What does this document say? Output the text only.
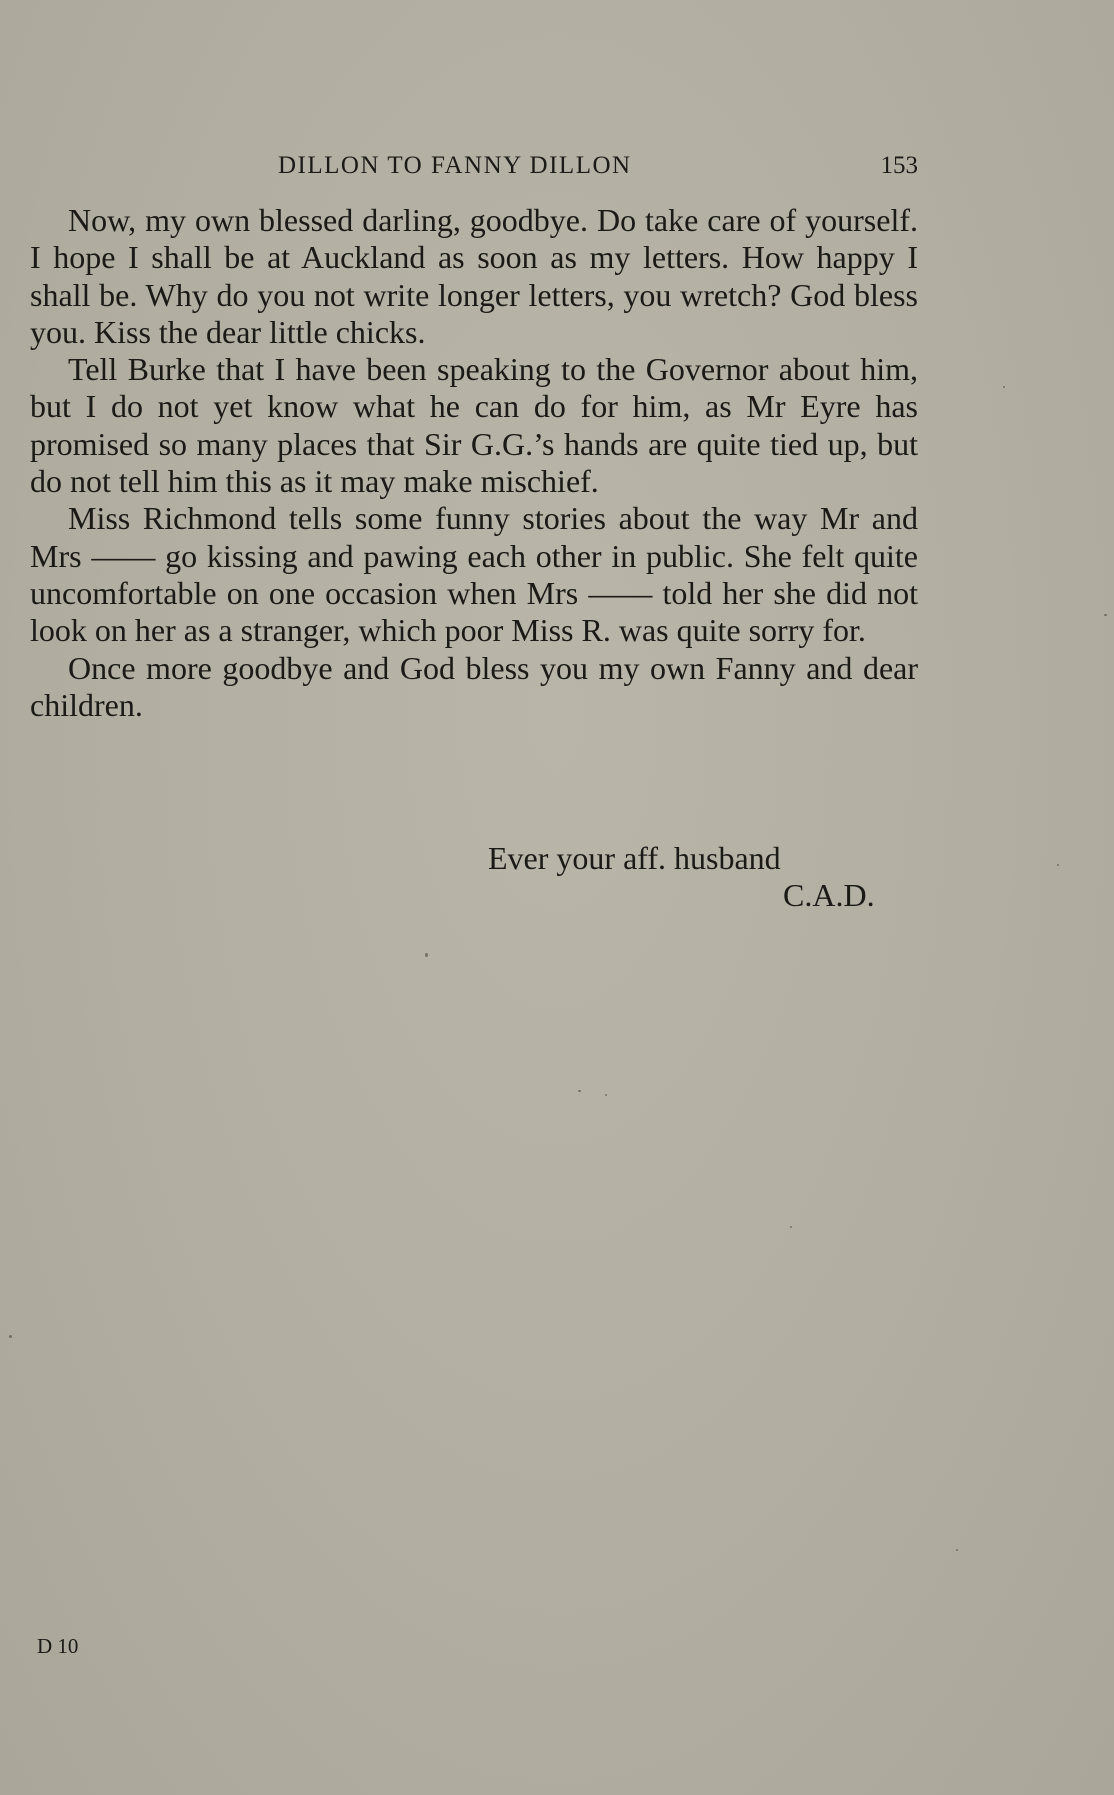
DILLON TO FANNY DILLON	153

Now, my own blessed darling, goodbye. Do take care of yourself. I hope I shall be at Auckland as soon as my letters. How happy I shall be. Why do you not write longer letters, you wretch? God bless you. Kiss the dear little chicks.

Tell Burke that I have been speaking to the Governor about him, but I do not yet know what he can do for him, as Mr Eyre has promised so many places that Sir G.G.’s hands are quite tied up, but do not tell him this as it may make mischief.

Miss Richmond tells some funny stories about the way Mr and Mrs —— go kissing and pawing each other in public. She felt quite uncomfortable on one occasion when Mrs —— told her she did not look on her as a stranger, which poor Miss R. was quite sorry for.

Once more goodbye and God bless you my own Fanny and dear children.

Ever your aff. husband
C.A.D.
D 10
